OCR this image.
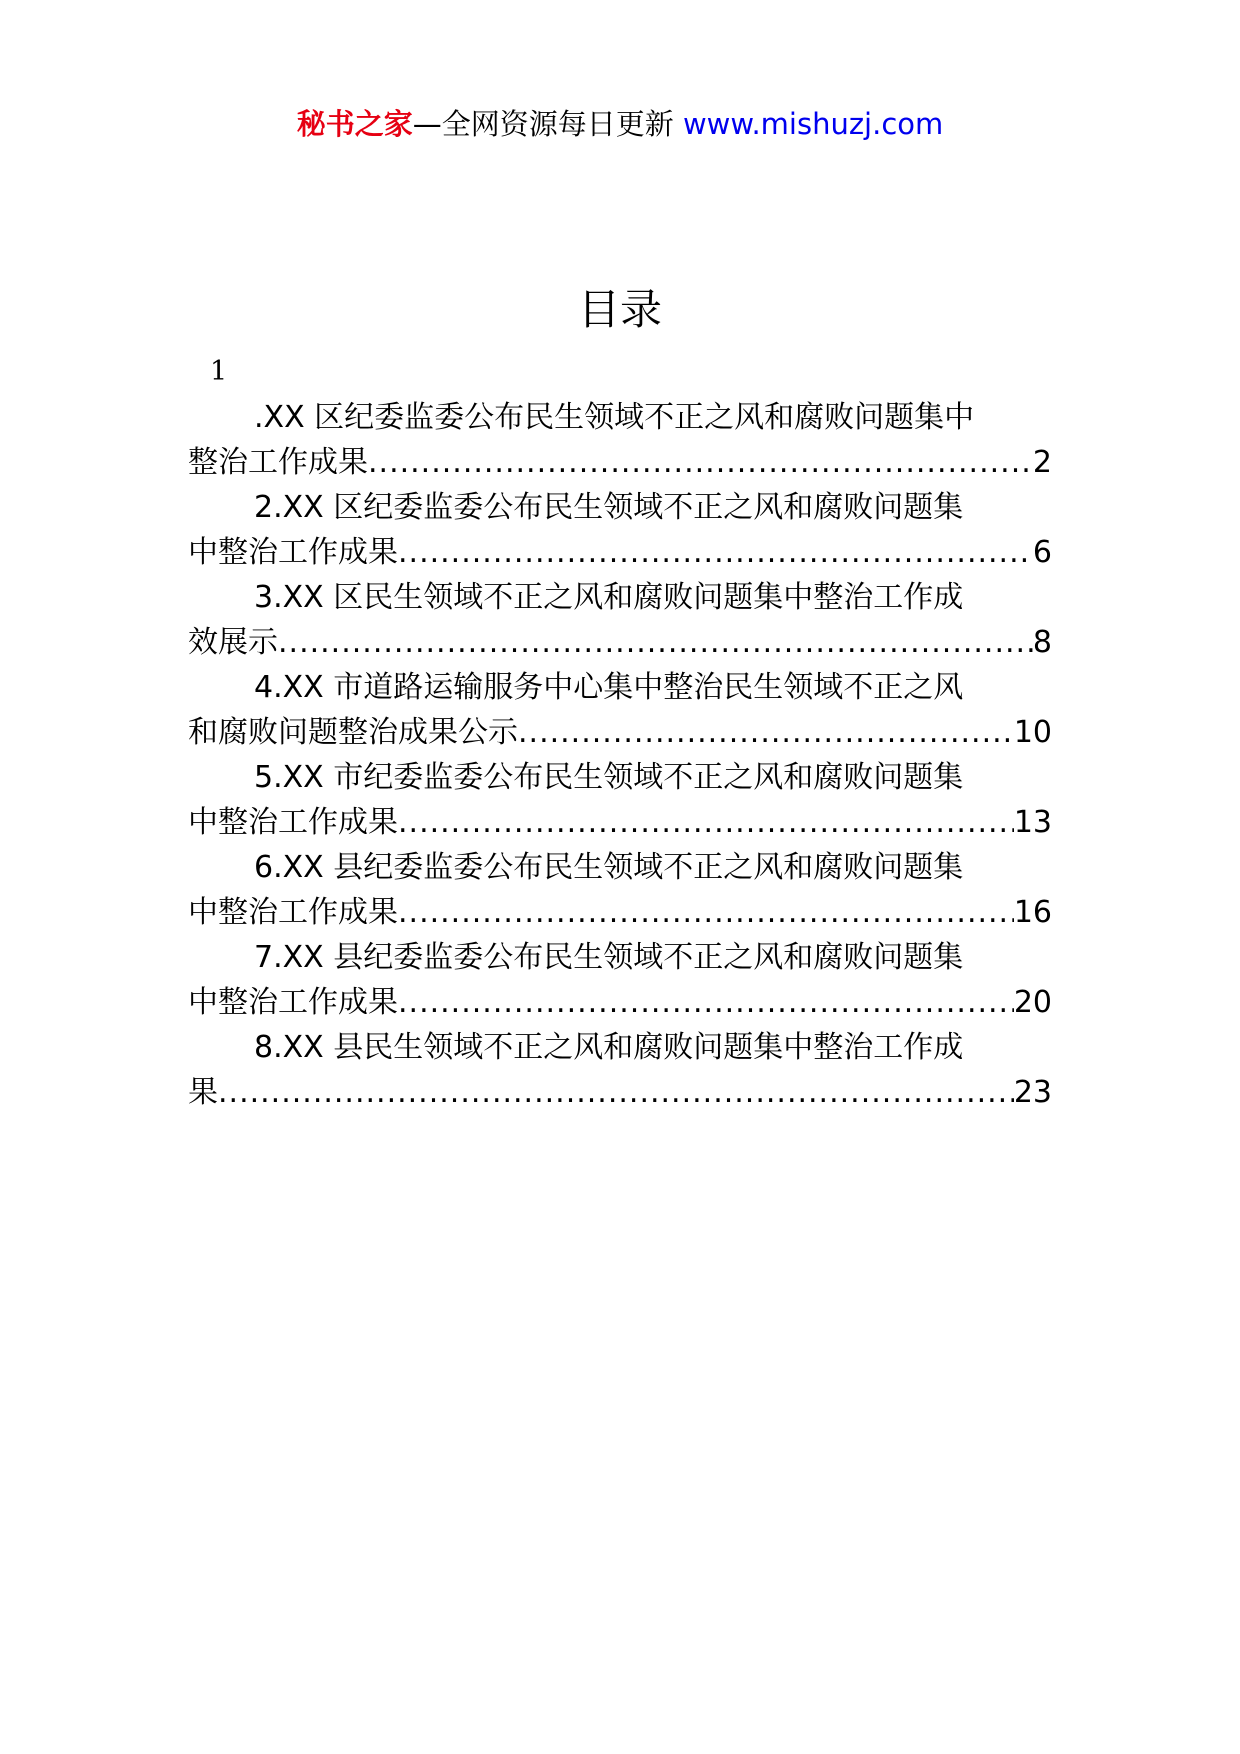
秘书之家—全网资源每日更新 www.mishuzj.com
目录
1
.XX 区纪委监委公布民生领域不正之风和腐败问题集中
整治工作成果 .....	2
2.XX 区纪委监委公布民生领域不正之风和腐败问题集
中整治工作成果 .....	6
3.XX 区民生领域不正之风和腐败问题集中整治工作成
效展示 .....	8
4.XX 市道路运输服务中心集中整治民生领域不正之风
和腐败问题整治成果公示 .....	10
5.XX 市纪委监委公布民生领域不正之风和腐败问题集
中整治工作成果 .....	13
6.XX 县纪委监委公布民生领域不正之风和腐败问题集
中整治工作成果 .....	16
7.XX 县纪委监委公布民生领域不正之风和腐败问题集
中整治工作成果 .....	20
8.XX 县民生领域不正之风和腐败问题集中整治工作成
果 .....	23
